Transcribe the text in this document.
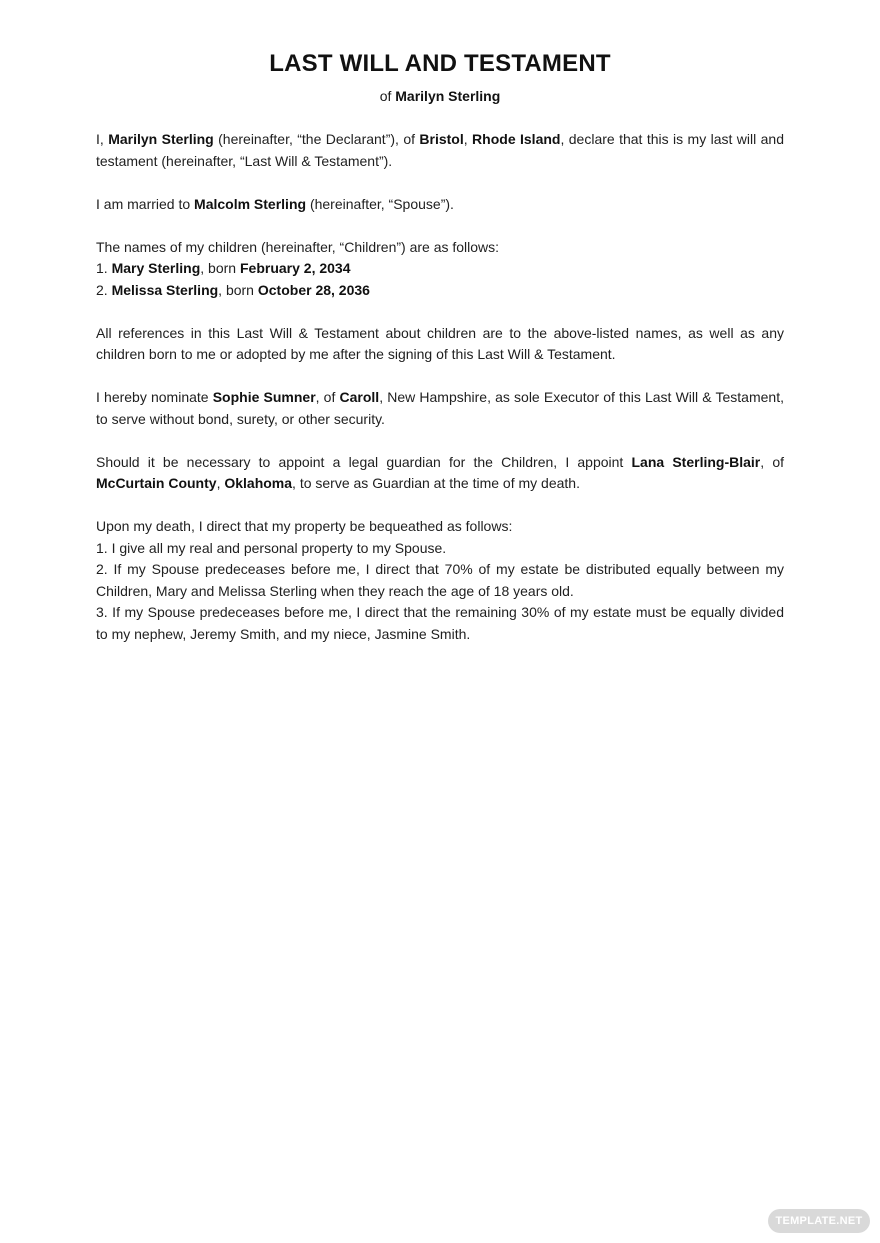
LAST WILL AND TESTAMENT
of Marilyn Sterling

I, Marilyn Sterling (hereinafter, “the Declarant”), of Bristol, Rhode Island, declare that this is my last will and testament (hereinafter, “Last Will & Testament”).

I am married to Malcolm Sterling (hereinafter, “Spouse”).

The names of my children (hereinafter, “Children”) are as follows:
1. Mary Sterling, born February 2, 2034
2. Melissa Sterling, born October 28, 2036

All references in this Last Will & Testament about children are to the above-listed names, as well as any children born to me or adopted by me after the signing of this Last Will & Testament.

I hereby nominate Sophie Sumner, of Caroll, New Hampshire, as sole Executor of this Last Will & Testament, to serve without bond, surety, or other security.

Should it be necessary to appoint a legal guardian for the Children, I appoint Lana Sterling-Blair, of McCurtain County, Oklahoma, to serve as Guardian at the time of my death.

Upon my death, I direct that my property be bequeathed as follows:
1. I give all my real and personal property to my Spouse.
2. If my Spouse predeceases before me, I direct that 70% of my estate be distributed equally between my Children, Mary and Melissa Sterling when they reach the age of 18 years old.
3. If my Spouse predeceases before me, I direct that the remaining 30% of my estate must be equally divided to my nephew, Jeremy Smith, and my niece, Jasmine Smith.
TEMPLATE.NET
